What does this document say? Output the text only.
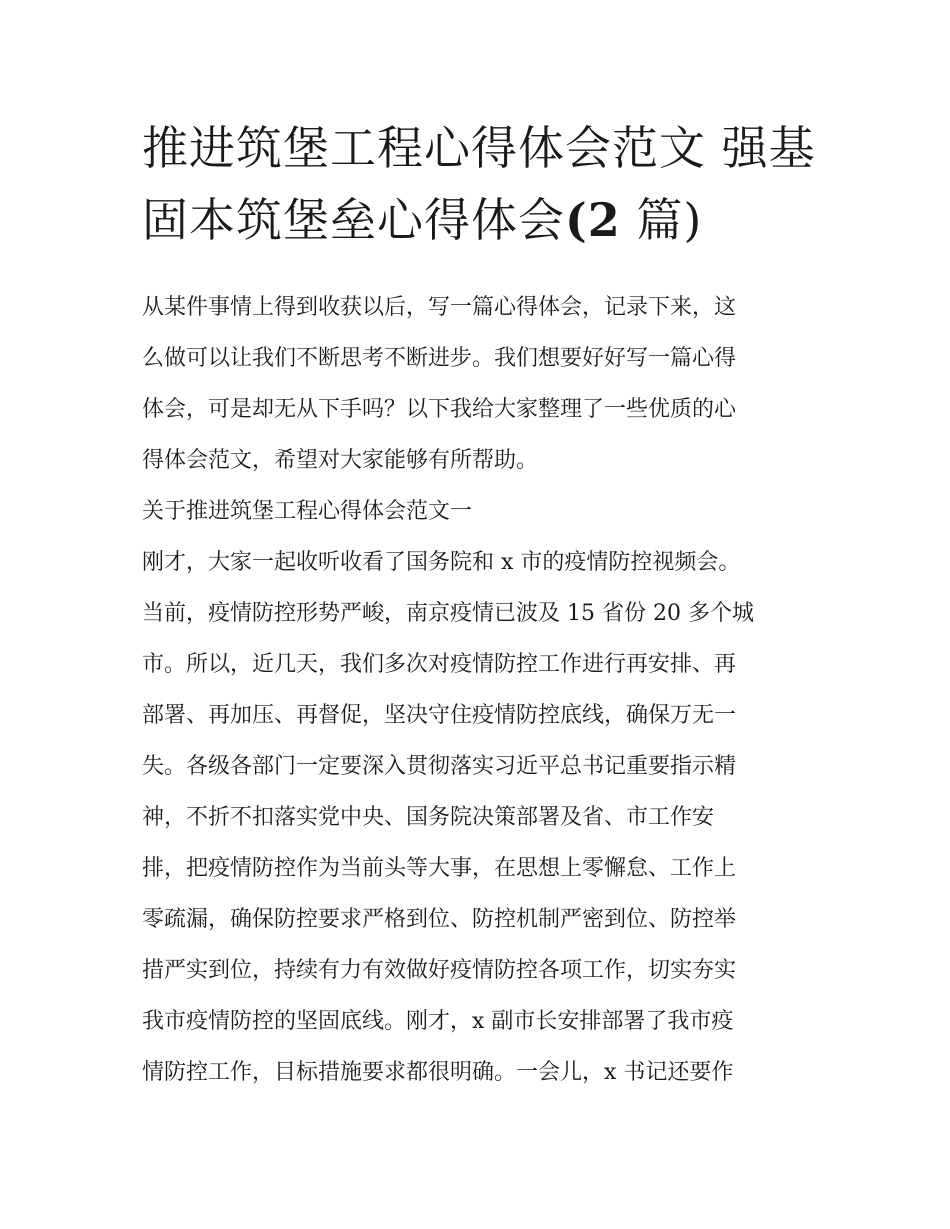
推进筑堡工程心得体会范文 强基固本筑堡垒心得体会(2 篇)

从某件事情上得到收获以后，写一篇心得体会，记录下来，这
么做可以让我们不断思考不断进步。我们想要好好写一篇心得
体会，可是却无从下手吗？以下我给大家整理了一些优质的心
得体会范文，希望对大家能够有所帮助。

关于推进筑堡工程心得体会范文一

刚才，大家一起收听收看了国务院和 x 市的疫情防控视频会。
当前，疫情防控形势严峻，南京疫情已波及 15 省份 20 多个城
市。所以，近几天，我们多次对疫情防控工作进行再安排、再
部署、再加压、再督促，坚决守住疫情防控底线，确保万无一
失。各级各部门一定要深入贯彻落实习近平总书记重要指示精
神，不折不扣落实党中央、国务院决策部署及省、市工作安
排，把疫情防控作为当前头等大事，在思想上零懈怠、工作上
零疏漏，确保防控要求严格到位、防控机制严密到位、防控举
措严实到位，持续有力有效做好疫情防控各项工作，切实夯实
我市疫情防控的坚固底线。刚才，x 副市长安排部署了我市疫
情防控工作，目标措施要求都很明确。一会儿，x 书记还要作
